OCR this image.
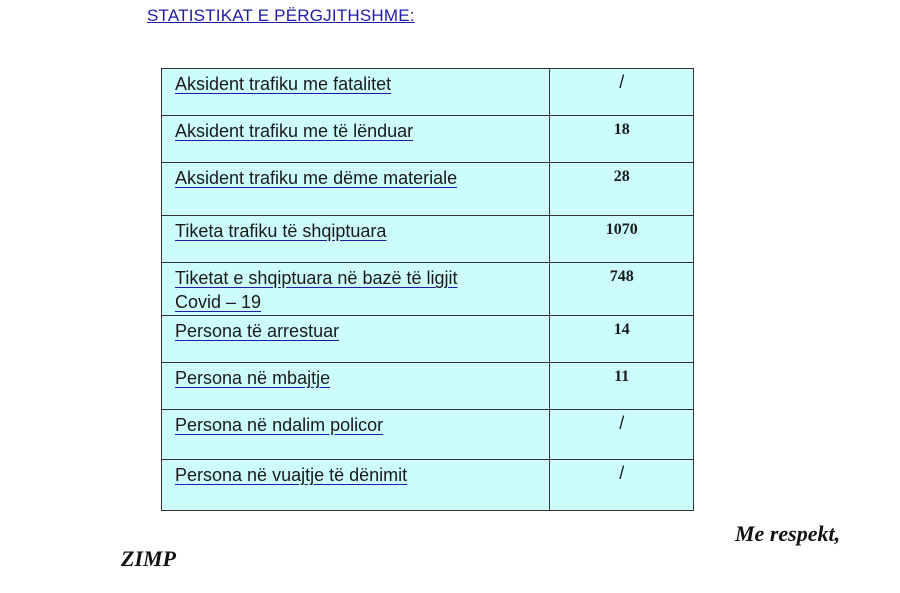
STATISTIKAT E PËRGJITHSHME:
Aksident trafiku me fatalitet	/

Aksident trafiku me të lënduar	18

Aksident trafiku me dëme materiale	28

Tiketa trafiku të shqiptuara	1070

Tiketat e shqiptuara në bazë të ligjit Covid – 19	748

Persona të arrestuar	14

Persona në mbajtje	11

Persona në ndalim policor	/

Persona në vuajtje të dënimit	/
Me respekt,
ZIMP
